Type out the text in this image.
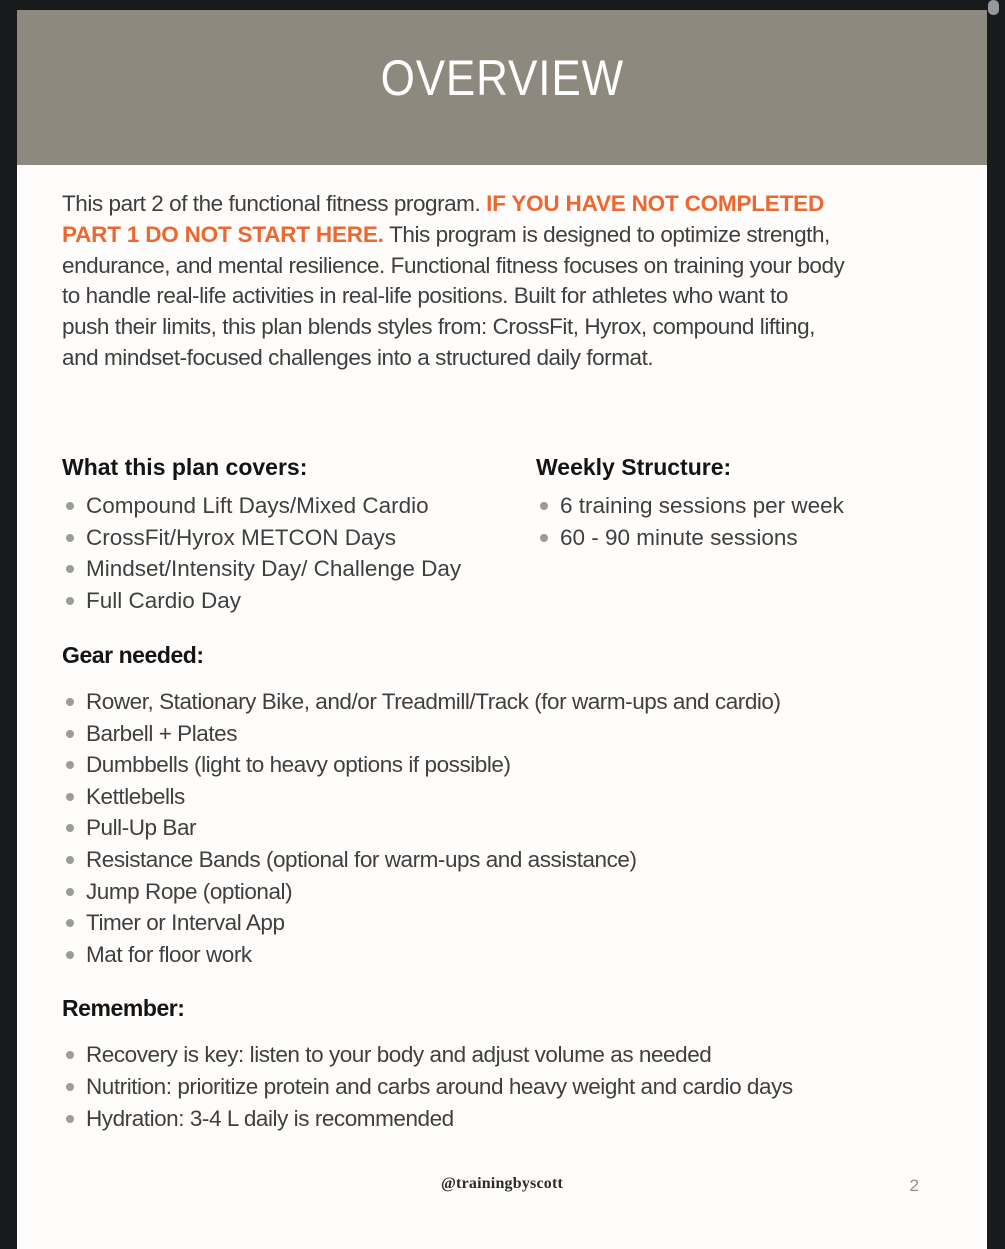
OVERVIEW
This part 2 of the functional fitness program. IF YOU HAVE NOT COMPLETED
PART 1 DO NOT START HERE. This program is designed to optimize strength,
endurance, and mental resilience. Functional fitness focuses on training your body
to handle real-life activities in real-life positions. Built for athletes who want to
push their limits, this plan blends styles from: CrossFit, Hyrox, compound lifting,
and mindset-focused challenges into a structured daily format.
What this plan covers:
Compound Lift Days/Mixed Cardio
CrossFit/Hyrox METCON Days
Mindset/Intensity Day/ Challenge Day
Full Cardio Day
Weekly Structure:
6 training sessions per week
60 - 90 minute sessions
Gear needed:
Rower, Stationary Bike, and/or Treadmill/Track (for warm-ups and cardio)
Barbell + Plates
Dumbbells (light to heavy options if possible)
Kettlebells
Pull-Up Bar
Resistance Bands (optional for warm-ups and assistance)
Jump Rope (optional)
Timer or Interval App
Mat for floor work
Remember:
Recovery is key: listen to your body and adjust volume as needed
Nutrition: prioritize protein and carbs around heavy weight and cardio days
Hydration: 3-4 L daily is recommended
@trainingbyscott	2
